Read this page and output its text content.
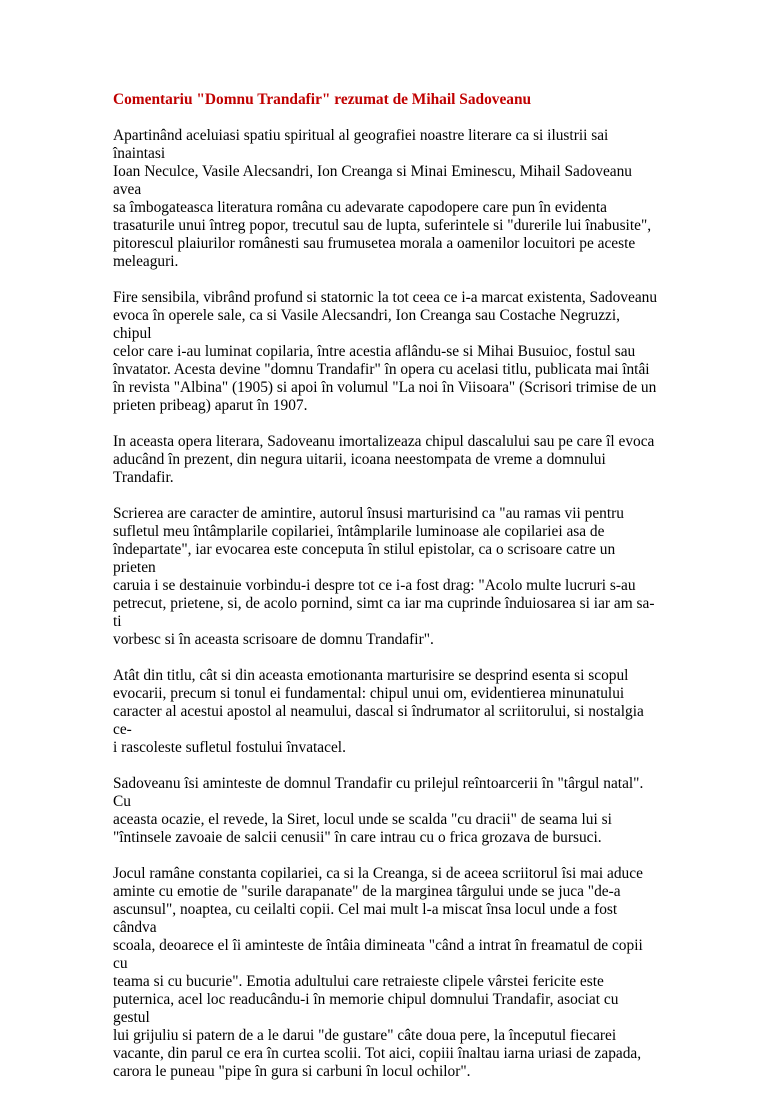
Comentariu "Domnu Trandafir" rezumat de Mihail Sadoveanu

Apartinând aceluiasi spatiu spiritual al geografiei noastre literare ca si ilustrii sai înaintasi
Ioan Neculce, Vasile Alecsandri, Ion Creanga si Minai Eminescu, Mihail Sadoveanu avea
sa îmbogateasca literatura româna cu adevarate capodopere care pun în evidenta
trasaturile unui întreg popor, trecutul sau de lupta, suferintele si "durerile lui înabusite",
pitorescul plaiurilor românesti sau frumusetea morala a oamenilor locuitori pe aceste
meleaguri.

Fire sensibila, vibrând profund si statornic la tot ceea ce i-a marcat existenta, Sadoveanu
evoca în operele sale, ca si Vasile Alecsandri, Ion Creanga sau Costache Negruzzi, chipul
celor care i-au luminat copilaria, între acestia aflându-se si Mihai Busuioc, fostul sau
învatator. Acesta devine "domnu Trandafir" în opera cu acelasi titlu, publicata mai întâi
în revista "Albina" (1905) si apoi în volumul "La noi în Viisoara" (Scrisori trimise de un
prieten pribeag) aparut în 1907.

In aceasta opera literara, Sadoveanu imortalizeaza chipul dascalului sau pe care îl evoca
aducând în prezent, din negura uitarii, icoana neestompata de vreme a domnului
Trandafir.

Scrierea are caracter de amintire, autorul însusi marturisind ca "au ramas vii pentru
sufletul meu întâmplarile copilariei, întâmplarile luminoase ale copilariei asa de
îndepartate", iar evocarea este conceputa în stilul epistolar, ca o scrisoare catre un prieten
caruia i se destainuie vorbindu-i despre tot ce i-a fost drag: "Acolo multe lucruri s-au
petrecut, prietene, si, de acolo pornind, simt ca iar ma cuprinde înduiosarea si iar am sa-ti
vorbesc si în aceasta scrisoare de domnu Trandafir".

Atât din titlu, cât si din aceasta emotionanta marturisire se desprind esenta si scopul
evocarii, precum si tonul ei fundamental: chipul unui om, evidentierea minunatului
caracter al acestui apostol al neamului, dascal si îndrumator al scriitorului, si nostalgia ce-
i rascoleste sufletul fostului învatacel.

Sadoveanu îsi aminteste de domnul Trandafir cu prilejul reîntoarcerii în "târgul natal". Cu
aceasta ocazie, el revede, la Siret, locul unde se scalda "cu dracii" de seama lui si
"întinsele zavoaie de salcii cenusii" în care intrau cu o frica grozava de bursuci.

Jocul ramâne constanta copilariei, ca si la Creanga, si de aceea scriitorul îsi mai aduce
aminte cu emotie de "surile darapanate" de la marginea târgului unde se juca "de-a
ascunsul", noaptea, cu ceilalti copii. Cel mai mult l-a miscat însa locul unde a fost cândva
scoala, deoarece el îi aminteste de întâia dimineata "când a intrat în freamatul de copii cu
teama si cu bucurie". Emotia adultului care retraieste clipele vârstei fericite este
puternica, acel loc readucându-i în memorie chipul domnului Trandafir, asociat cu gestul
lui grijuliu si patern de a le darui "de gustare" câte doua pere, la începutul fiecarei
vacante, din parul ce era în curtea scolii. Tot aici, copiii înaltau iarna uriasi de zapada,
carora le puneau "pipe în gura si carbuni în locul ochilor".
